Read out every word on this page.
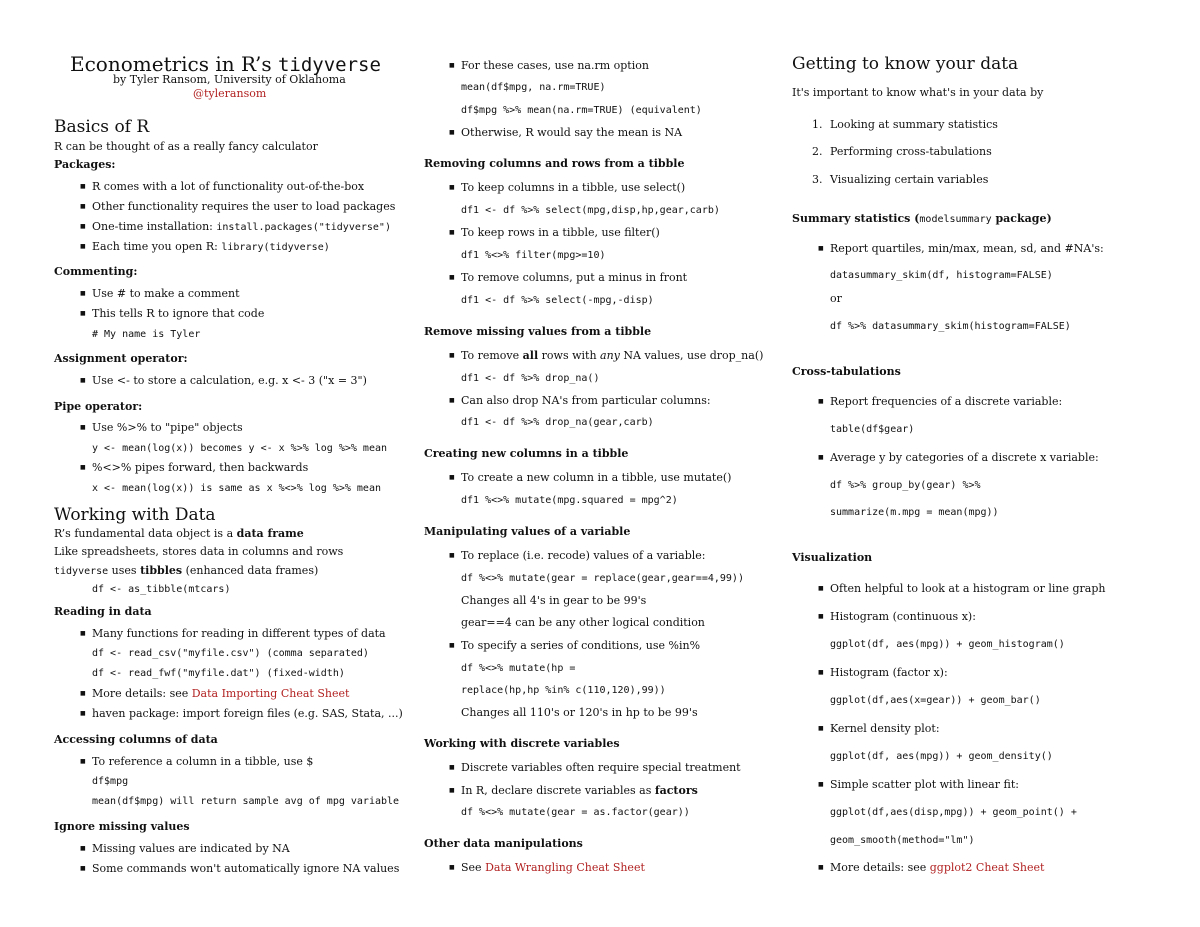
Econometrics in R’s tidyverse
by Tyler Ransom, University of Oklahoma
@tyleransom
Basics of R
R can be thought of as a really fancy calculator
Packages:
■ R comes with a lot of functionality out-of-the-box
■ Other functionality requires the user to load packages
■ One-time installation: install.packages("tidyverse")
■ Each time you open R: library(tidyverse)
Commenting:
■ Use # to make a comment
■ This tells R to ignore that code
# My name is Tyler
Assignment operator:
■ Use <- to store a calculation, e.g. x <- 3 ("x = 3")
Pipe operator:
■ Use %>% to "pipe" objects
y <- mean(log(x)) becomes y <- x %>% log %>% mean
■ %<>% pipes forward, then backwards
x <- mean(log(x)) is same as x %<>% log %>% mean
Working with Data
R’s fundamental data object is a data frame
Like spreadsheets, stores data in columns and rows
tidyverse uses tibbles (enhanced data frames)
df <- as_tibble(mtcars)
Reading in data
■ Many functions for reading in different types of data
df <- read_csv("myfile.csv") (comma separated)
df <- read_fwf("myfile.dat") (fixed-width)
■ More details: see Data Importing Cheat Sheet
■ haven package: import foreign files (e.g. SAS, Stata, ...)
Accessing columns of data
■ To reference a column in a tibble, use $
df$mpg
mean(df$mpg) will return sample avg of mpg variable
Ignore missing values
■ Missing values are indicated by NA
■ Some commands won't automatically ignore NA values
■ For these cases, use na.rm option
mean(df$mpg, na.rm=TRUE)
df$mpg %>% mean(na.rm=TRUE) (equivalent)
■ Otherwise, R would say the mean is NA
Removing columns and rows from a tibble
■ To keep columns in a tibble, use select()
df1 <- df %>% select(mpg,disp,hp,gear,carb)
■ To keep rows in a tibble, use filter()
df1 %<>% filter(mpg>=10)
■ To remove columns, put a minus in front
df1 <- df %>% select(-mpg,-disp)
Remove missing values from a tibble
■ To remove all rows with any NA values, use drop_na()
df1 <- df %>% drop_na()
■ Can also drop NA's from particular columns:
df1 <- df %>% drop_na(gear,carb)
Creating new columns in a tibble
■ To create a new column in a tibble, use mutate()
df1 %<>% mutate(mpg.squared = mpg^2)
Manipulating values of a variable
■ To replace (i.e. recode) values of a variable:
df %<>% mutate(gear = replace(gear,gear==4,99))
Changes all 4's in gear to be 99's
gear==4 can be any other logical condition
■ To specify a series of conditions, use %in%
df %<>% mutate(hp =
replace(hp,hp %in% c(110,120),99))
Changes all 110's or 120's in hp to be 99's
Working with discrete variables
■ Discrete variables often require special treatment
■ In R, declare discrete variables as factors
df %<>% mutate(gear = as.factor(gear))
Other data manipulations
■ See Data Wrangling Cheat Sheet
Getting to know your data
It's important to know what's in your data by
1. Looking at summary statistics
2. Performing cross-tabulations
3. Visualizing certain variables
Summary statistics (modelsummary package)
■ Report quartiles, min/max, mean, sd, and #NA's:
datasummary_skim(df, histogram=FALSE)
or
df %>% datasummary_skim(histogram=FALSE)
Cross-tabulations
■ Report frequencies of a discrete variable:
table(df$gear)
■ Average y by categories of a discrete x variable:
df %>% group_by(gear) %>%
summarize(m.mpg = mean(mpg))
Visualization
■ Often helpful to look at a histogram or line graph
■ Histogram (continuous x):
ggplot(df, aes(mpg)) + geom_histogram()
■ Histogram (factor x):
ggplot(df,aes(x=gear)) + geom_bar()
■ Kernel density plot:
ggplot(df, aes(mpg)) + geom_density()
■ Simple scatter plot with linear fit:
ggplot(df,aes(disp,mpg)) + geom_point() +
geom_smooth(method="lm")
■ More details: see ggplot2 Cheat Sheet
